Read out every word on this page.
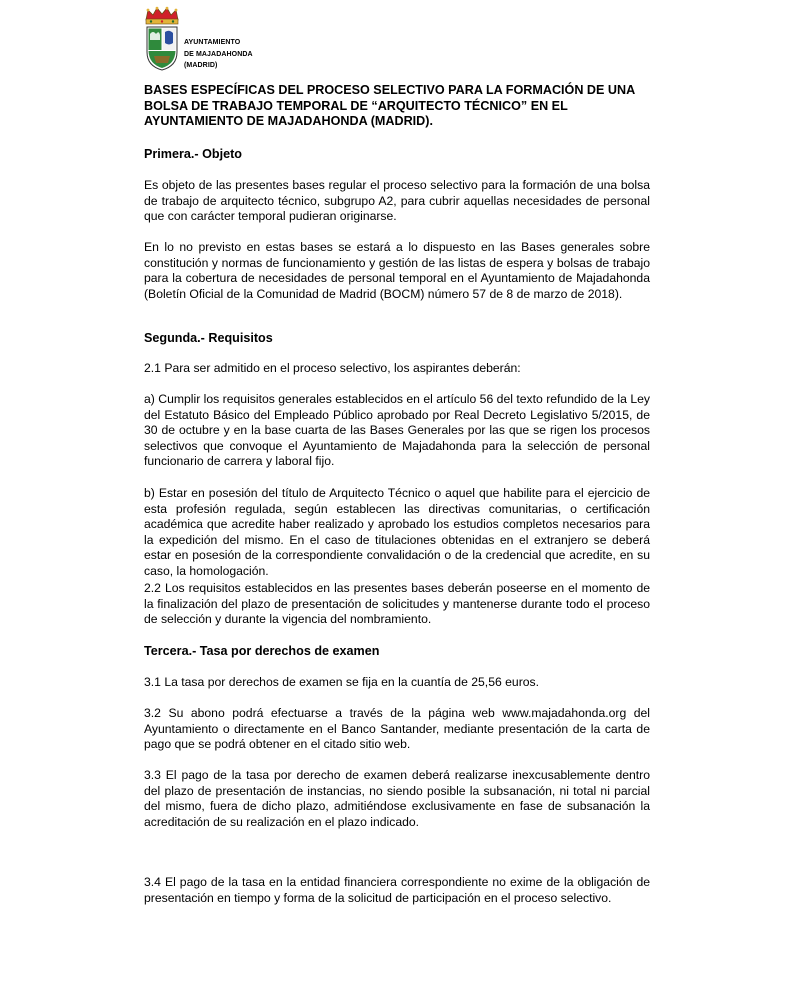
AYUNTAMIENTO
DE MAJADAHONDA
(MADRID)
BASES ESPECÍFICAS DEL PROCESO SELECTIVO PARA LA FORMACIÓN DE UNA BOLSA DE TRABAJO TEMPORAL DE “ARQUITECTO TÉCNICO” EN EL AYUNTAMIENTO DE MAJADAHONDA (MADRID).
Primera.- Objeto

Es objeto de las presentes bases regular el proceso selectivo para la formación de una bolsa de trabajo de arquitecto técnico, subgrupo A2, para cubrir aquellas necesidades de personal que con carácter temporal pudieran originarse.

En lo no previsto en estas bases se estará a lo dispuesto en las Bases generales sobre constitución y normas de funcionamiento y gestión de las listas de espera y bolsas de trabajo para la cobertura de necesidades de personal temporal en el Ayuntamiento de Majadahonda (Boletín Oficial de la Comunidad de Madrid (BOCM) número 57 de 8 de marzo de 2018).

Segunda.- Requisitos

2.1 Para ser admitido en el proceso selectivo, los aspirantes deberán:

a) Cumplir los requisitos generales establecidos en el artículo 56 del texto refundido de la Ley del Estatuto Básico del Empleado Público aprobado por Real Decreto Legislativo 5/2015, de 30 de octubre y en la base cuarta de las Bases Generales por las que se rigen los procesos selectivos que convoque el Ayuntamiento de Majadahonda para la selección de personal funcionario de carrera y laboral fijo.

b) Estar en posesión del título de Arquitecto Técnico o aquel que habilite para el ejercicio de esta profesión regulada, según establecen las directivas comunitarias, o certificación académica que acredite haber realizado y aprobado los estudios completos necesarios para la expedición del mismo. En el caso de titulaciones obtenidas en el extranjero se deberá estar en posesión de la correspondiente convalidación o de la credencial que acredite, en su caso, la homologación.

2.2 Los requisitos establecidos en las presentes bases deberán poseerse en el momento de la finalización del plazo de presentación de solicitudes y mantenerse durante todo el proceso de selección y durante la vigencia del nombramiento.

Tercera.- Tasa por derechos de examen

3.1 La tasa por derechos de examen se fija en la cuantía de 25,56 euros.

3.2 Su abono podrá efectuarse a través de la página web www.majadahonda.org del Ayuntamiento o directamente en el Banco Santander, mediante presentación de la carta de pago que se podrá obtener en el citado sitio web.

3.3 El pago de la tasa por derecho de examen deberá realizarse inexcusablemente dentro del plazo de presentación de instancias, no siendo posible la subsanación, ni total ni parcial del mismo, fuera de dicho plazo, admitiéndose exclusivamente en fase de subsanación la acreditación de su realización en el plazo indicado.

3.4 El pago de la tasa en la entidad financiera correspondiente no exime de la obligación de presentación en tiempo y forma de la solicitud de participación en el proceso selectivo.
